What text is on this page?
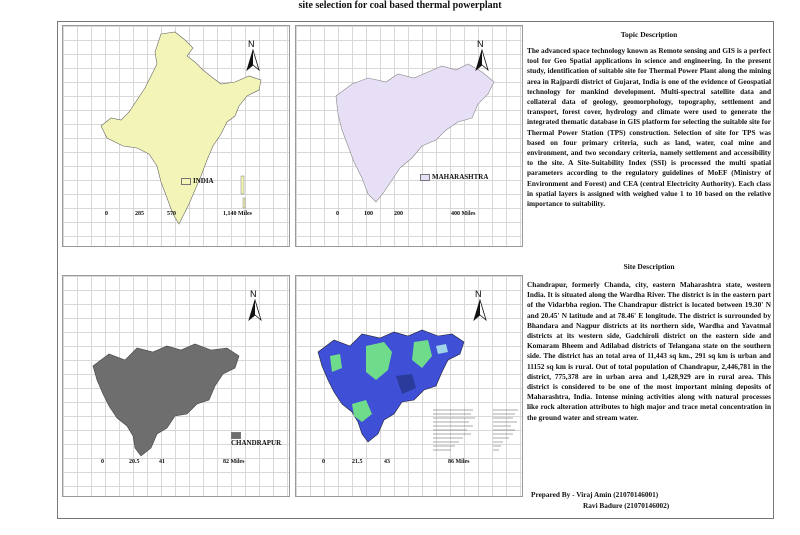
site selection for coal based thermal powerplant
N
INDIA
0	285	570	1,140 Miles
N
MAHARASHTRA
0	100	200	400 Miles
N
CHANDRAPUR
0	20.5	41	82 Miles
N
0	21.5	43	86 Miles
Topic Description
The advanced space technology known as Remote sensing and GIS is a perfect tool for Geo Spatial applications in science and engineering. In the present study, identification of suitable site for Thermal Power Plant along the mining area in Rajpardi district of Gujarat, India is one of the evidence of Geospatial technology for mankind development. Multi-spectral satellite data and collateral data of geology, geomorphology, topography, settlement and transport, forest cover, hydrology and climate were used to generate the integrated thematic database in GIS platform for selecting the suitable site for Thermal Power Station (TPS) construction. Selection of site for TPS was based on four primary criteria, such as land, water, coal mine and environment, and two secondary criteria, namely settlement and accessibility to the site. A Site-Suitability Index (SSI) is processed the multi spatial parameters according to the regulatory guidelines of MoEF (Ministry of Environment and Forest) and CEA (central Electricity Authority). Each class in spatial layers is assigned with weighed value 1 to 10 based on the relative importance to suitability.
Site Description
Chandrapur, formerly Chanda, city, eastern Maharashtra state, western India. It is situated along the Wardha River. The district is in the eastern part of the Vidarbha region. The Chandrapur district is located between 19.30' N and 20.45' N latitude and at 78.46' E longitude. The district is surrounded by Bhandara and Nagpur districts at its northern side, Wardha and Yavatmal districts at its western side, Gadchiroli district on the eastern side and Komaram Bheem and Adilabad districts of Telangana state on the southern side. The district has an total area of 11,443 sq km., 291 sq km is urban and 11152 sq km is rural. Out of total population of Chandrapur, 2,446,781 in the district, 775,378 are in urban area and 1,428,929 are in rural area. This district is considered to be one of the most important mining deposits of Maharashtra, India. Intense mining activities along with natural processes like rock alteration attributes to high major and trace metal concentration in the ground water and stream water.
Prepared By - Viraj Amin (21070146001)
Ravi Badure (21070146002)
